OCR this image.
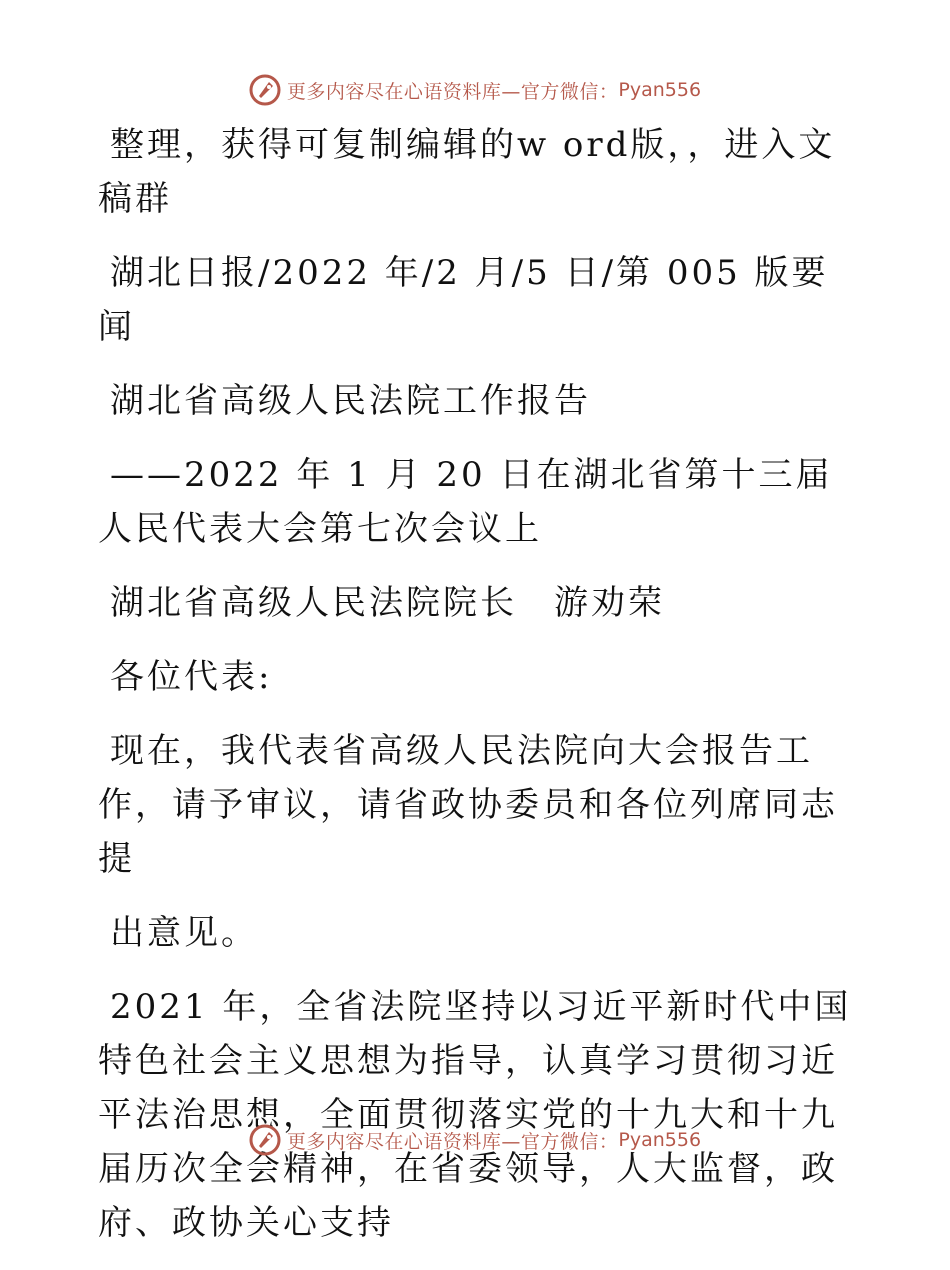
更多内容尽在心语资料库—官方微信： Pyan556

整理，获得可复制编辑的w ord版，，进入文稿群

湖北日报/2022 年/2 月/5 日/第 005 版要闻

湖北省高级人民法院工作报告

——2022 年 1 月 20 日在湖北省第十三届人民代表大会第七次会议上

湖北省高级人民法院院长　游劝荣

各位代表:

现在，我代表省高级人民法院向大会报告工作，请予审议，请省政协委员和各位列席同志提

出意见。

2021 年，全省法院坚持以习近平新时代中国特色社会主义思想为指导，认真学习贯彻习近平法治思想，全面贯彻落实党的十九大和十九届历次全会精神，在省委领导，人大监督，政府、政协关心支持

更多内容尽在心语资料库—官方微信： Pyan556
